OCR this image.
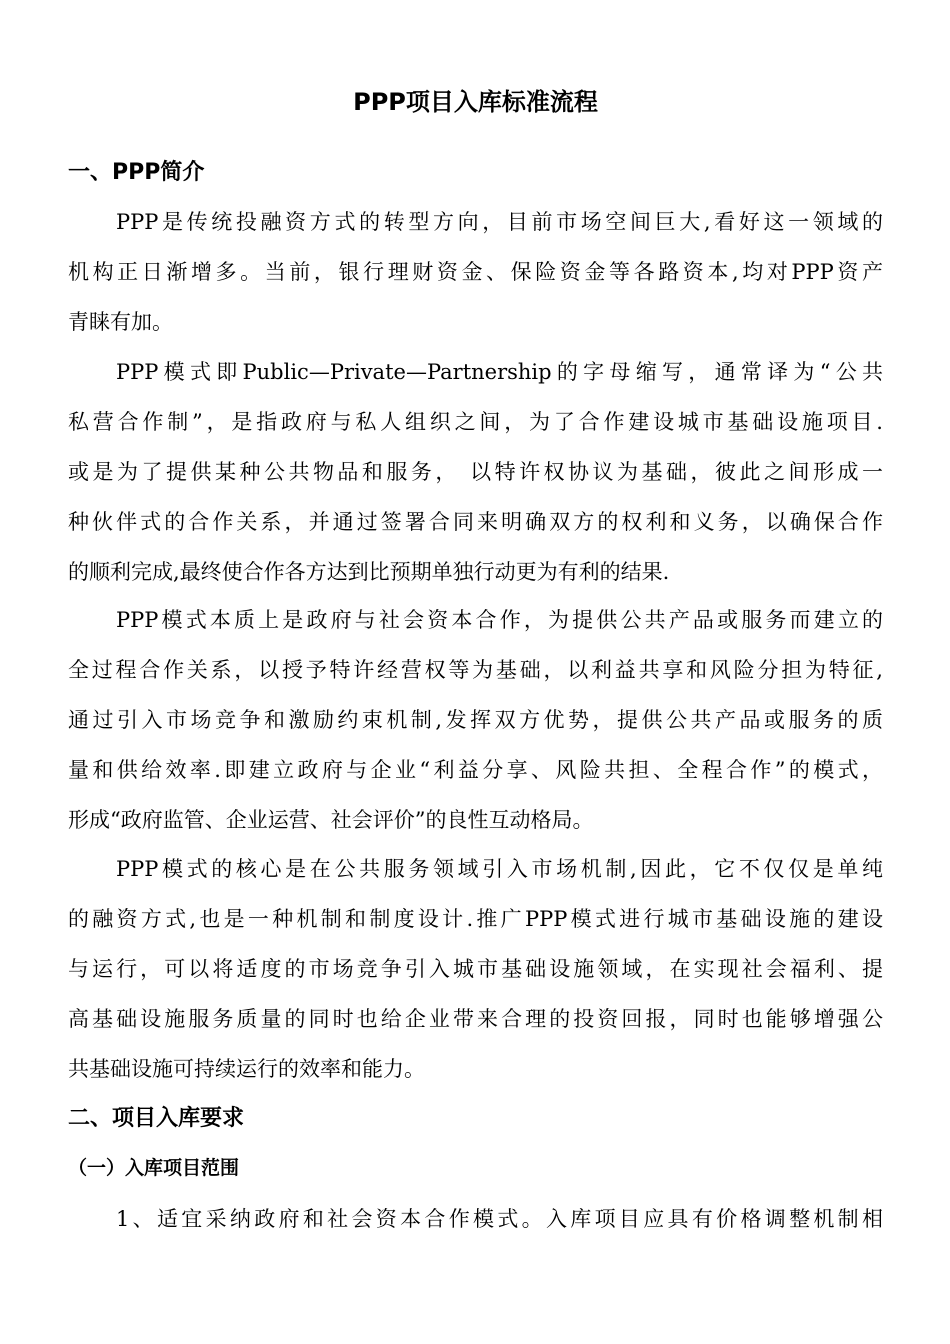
PPP项目入库标准流程
一、PPP简介
PPP是传统投融资方式的转型方向，目前市场空间巨大,看好这一领域的
机构正日渐增多。当前，银行理财资金、保险资金等各路资本,均对PPP资产
青睐有加。
PPP模式即Public—Private—Partnership的字母缩写，通常译为“公共
私营合作制”，是指政府与私人组织之间，为了合作建设城市基础设施项目.
或是为了提供某种公共物品和服务， 以特许权协议为基础，彼此之间形成一
种伙伴式的合作关系，并通过签署合同来明确双方的权利和义务，以确保合作
的顺利完成,最终使合作各方达到比预期单独行动更为有利的结果.
PPP模式本质上是政府与社会资本合作，为提供公共产品或服务而建立的
全过程合作关系，以授予特许经营权等为基础，以利益共享和风险分担为特征,
通过引入市场竞争和激励约束机制,发挥双方优势，提供公共产品或服务的质
量和供给效率.即建立政府与企业“利益分享、风险共担、全程合作”的模式，
形成“政府监管、企业运营、社会评价”的良性互动格局。
PPP模式的核心是在公共服务领域引入市场机制,因此，它不仅仅是单纯
的融资方式,也是一种机制和制度设计.推广PPP模式进行城市基础设施的建设
与运行，可以将适度的市场竞争引入城市基础设施领域，在实现社会福利、提
高基础设施服务质量的同时也给企业带来合理的投资回报，同时也能够增强公
共基础设施可持续运行的效率和能力。
二、项目入库要求
（一）入库项目范围
1、适宜采纳政府和社会资本合作模式。入库项目应具有价格调整机制相
